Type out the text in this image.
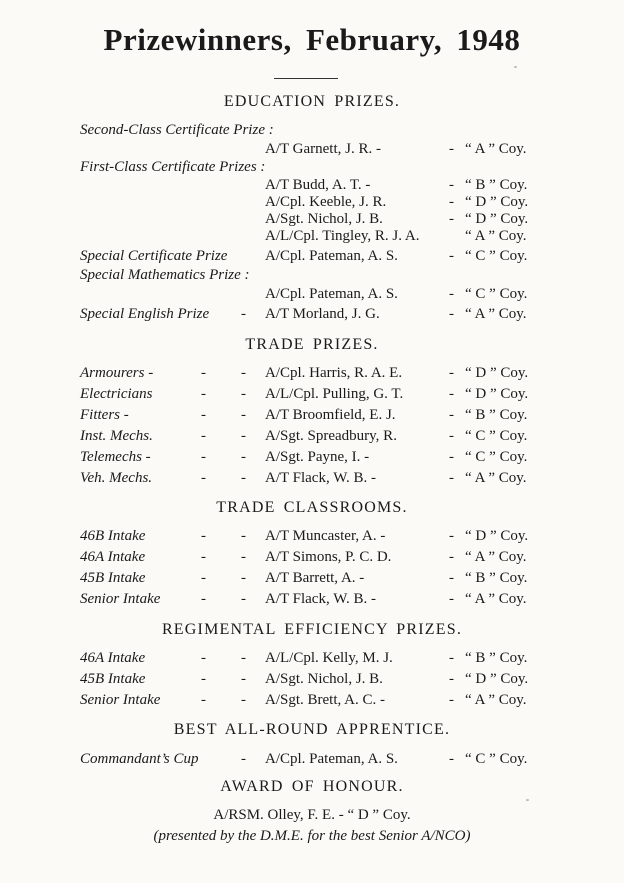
Prizewinners, February, 1948
EDUCATION PRIZES.
Second-Class Certificate Prize :
A/T Garnett, J. R. -	- “ A ” Coy.
First-Class Certificate Prizes :
A/T Budd, A. T. -	- “ B ” Coy.
A/Cpl. Keeble, J. R.	- “ D ” Coy.
A/Sgt. Nichol, J. B.	- “ D ” Coy.
A/L/Cpl. Tingley, R. J. A.	“ A ” Coy.
Special Certificate Prize	A/Cpl. Pateman, A. S.	- “ C ” Coy.
Special Mathematics Prize :
A/Cpl. Pateman, A. S.	- “ C ” Coy.
Special English Prize - A/T Morland, J. G.	- “ A ” Coy.
TRADE PRIZES.
Armourers -	- - A/Cpl. Harris, R. A. E.	- “ D ” Coy.
Electricians	- - A/L/Cpl. Pulling, G. T.	- “ D ” Coy.
Fitters -	- - A/T Broomfield, E. J.	- “ B ” Coy.
Inst. Mechs.	- - A/Sgt. Spreadbury, R.	- “ C ” Coy.
Telemechs -	- - A/Sgt. Payne, I. -	- “ C ” Coy.
Veh. Mechs.	- - A/T Flack, W. B. -	- “ A ” Coy.
TRADE CLASSROOMS.
46B Intake	- - A/T Muncaster, A. -	- “ D ” Coy.
46A Intake	- - A/T Simons, P. C. D.	- “ A ” Coy.
45B Intake	- - A/T Barrett, A. -	- “ B ” Coy.
Senior Intake	- - A/T Flack, W. B. -	- “ A ” Coy.
REGIMENTAL EFFICIENCY PRIZES.
46A Intake	- - A/L/Cpl. Kelly, M. J.	- “ B ” Coy.
45B Intake	- - A/Sgt. Nichol, J. B.	- “ D ” Coy.
Senior Intake	- - A/Sgt. Brett, A. C. -	- “ A ” Coy.
BEST ALL-ROUND APPRENTICE.
Commandant’s Cup	- A/Cpl. Pateman, A. S.	- “ C ” Coy.
AWARD OF HONOUR.
A/RSM. Olley, F. E. - “ D ” Coy.
(presented by the D.M.E. for the best Senior A/NCO)
